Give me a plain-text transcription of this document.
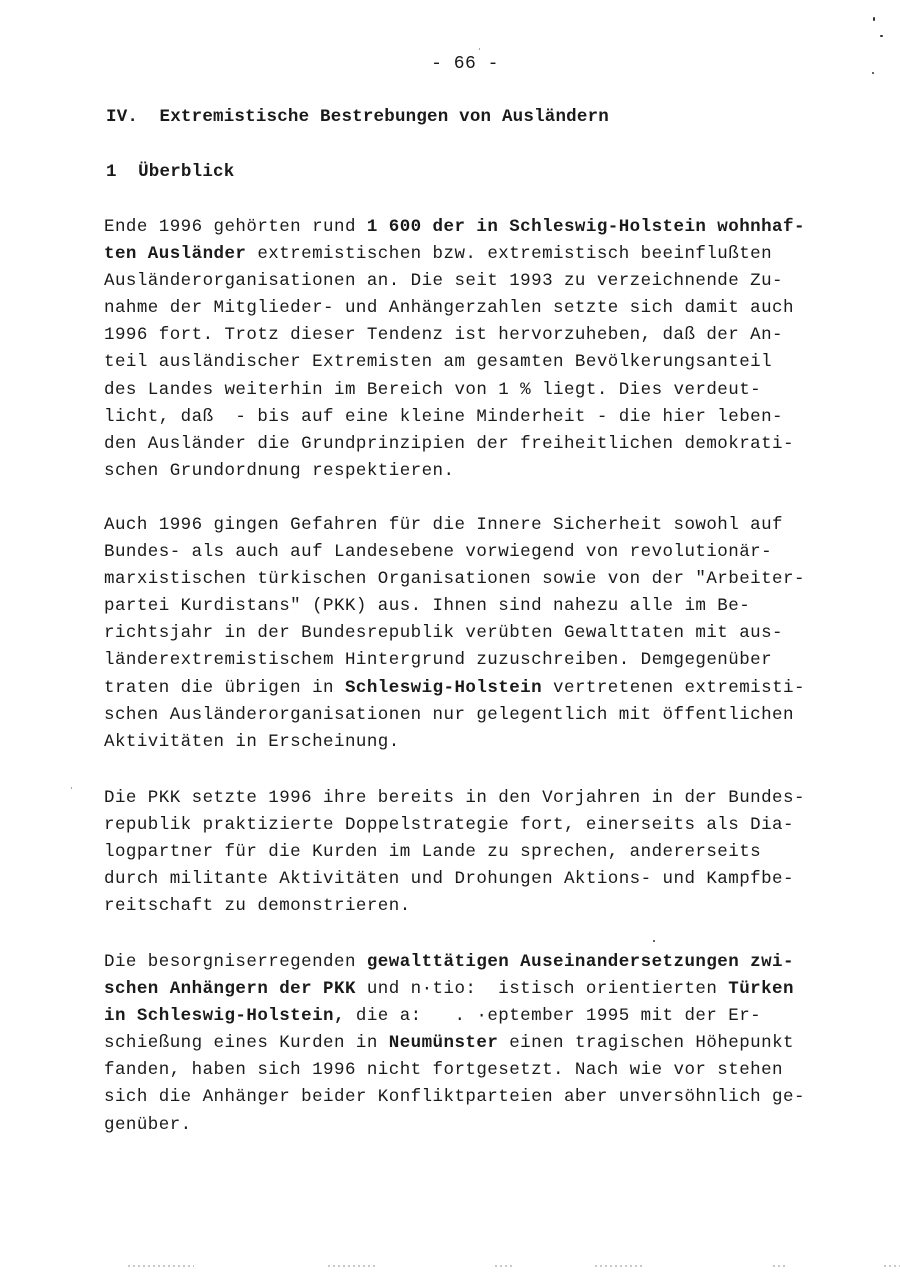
- 66 -
IV.  Extremistische Bestrebungen von Ausländern
1  Überblick
Ende 1996 gehörten rund 1 600 der in Schleswig-Holstein wohnhaf-
ten Ausländer extremistischen bzw. extremistisch beeinflußten
Ausländerorganisationen an. Die seit 1993 zu verzeichnende Zu-
nahme der Mitglieder- und Anhängerzahlen setzte sich damit auch
1996 fort. Trotz dieser Tendenz ist hervorzuheben, daß der An-
teil ausländischer Extremisten am gesamten Bevölkerungsanteil
des Landes weiterhin im Bereich von 1 % liegt. Dies verdeut-
licht, daß  - bis auf eine kleine Minderheit - die hier leben-
den Ausländer die Grundprinzipien der freiheitlichen demokrati-
schen Grundordnung respektieren.
Auch 1996 gingen Gefahren für die Innere Sicherheit sowohl auf
Bundes- als auch auf Landesebene vorwiegend von revolutionär-
marxistischen türkischen Organisationen sowie von der "Arbeiter-
partei Kurdistans" (PKK) aus. Ihnen sind nahezu alle im Be-
richtsjahr in der Bundesrepublik verübten Gewalttaten mit aus-
länderextremistischem Hintergrund zuzuschreiben. Demgegenüber
traten die übrigen in Schleswig-Holstein vertretenen extremisti-
schen Ausländerorganisationen nur gelegentlich mit öffentlichen
Aktivitäten in Erscheinung.
Die PKK setzte 1996 ihre bereits in den Vorjahren in der Bundes-
republik praktizierte Doppelstrategie fort, einerseits als Dia-
logpartner für die Kurden im Lande zu sprechen, andererseits
durch militante Aktivitäten und Drohungen Aktions- und Kampfbe-
reitschaft zu demonstrieren.
Die besorgniserregenden gewalttätigen Auseinandersetzungen zwi-
schen Anhängern der PKK und n·tio:  istisch orientierten Türken
in Schleswig-Holstein, die a:   . ·eptember 1995 mit der Er-
schießung eines Kurden in Neumünster einen tragischen Höhepunkt
fanden, haben sich 1996 nicht fortgesetzt. Nach wie vor stehen
sich die Anhänger beider Konfliktparteien aber unversöhnlich ge-
genüber.
